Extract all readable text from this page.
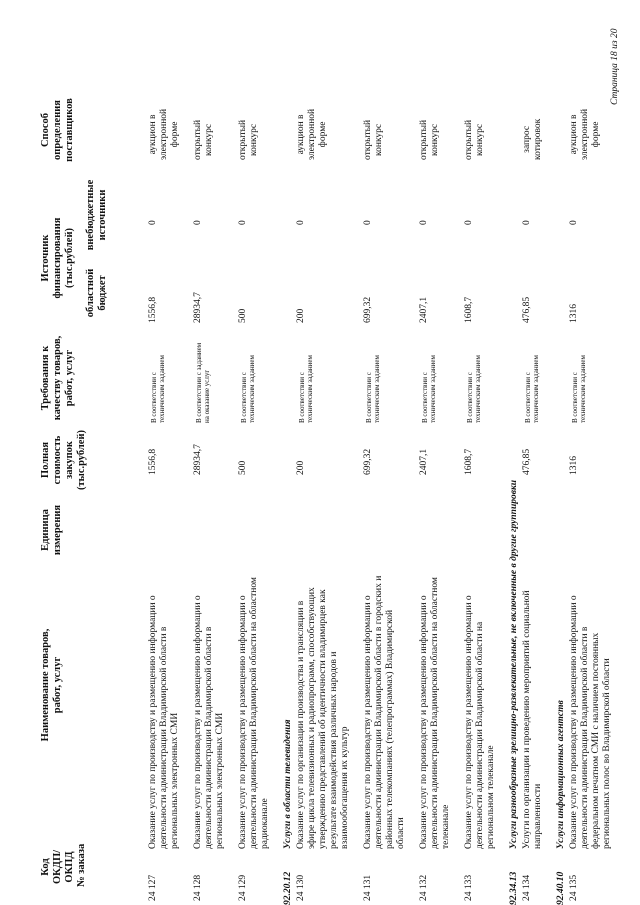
Код ОКДП/ ОКПД № заказа
Наименование товаров, работ, услуг
Единица измерения
Полная стоимость закупок (тыс.рублей)
Требования к качеству товаров, работ, услуг
Источник финансирования (тыс.рублей)
областной бюджет
внебюджетные источники
Способ определения поставщиков
24 127
Оказание услуг по производству и размещению информации о деятельности администрации Владимирской области в региональных электронных СМИ
1556,8
В соответствии с техническим заданием
1556,8
0
аукцион в электронной форме
24 128
Оказание услуг по производству и размещению информации о деятельности администрации Владимирской области в региональных электронных СМИ
28934,7
В соответствии с заданием на оказание услуг
28934,7
0
открытый конкурс
24 129
Оказание услуг по производству и размещению информации о деятельности администрации Владимирской области на областном радиоканале
500
В соответствии с техническим заданием
500
0
открытый конкурс
92.20.12
Услуги в области телевидения
24 130
Оказание услуг по организации производства и трансляции в эфире цикла телевизионных и радиопрограмм, способствующих утверждению представлений об идентичности владимирцев как результате взаимодействия различных народов и взаимообогащения их культур
200
В соответствии с техническим заданием
200
0
аукцион в электронной форме
24 131
Оказание услуг по производству и размещению информации о деятельности администрации Владимирской области в городских и районных телекомпаниях (телепрограммах) Владимирской области
699,32
В соответствии с техническим заданием
699,32
0
открытый конкурс
24 132
Оказание услуг по производству и размещению информации о деятельности администрации Владимирской области на областном телеканале
2407,1
В соответствии с техническим заданием
2407,1
0
открытый конкурс
24 133
Оказание услуг по производству и размещению информации о деятельности администрации Владимирской области на региональном телеканале
1608,7
В соответствии с техническим заданием
1608,7
0
открытый конкурс
92.34.13
Услуги разнообразные зрелищно-развлекательные, не включенные в другие группировки
24 134
Услуги по организации и проведению мероприятий социальной направленности
476,85
В соответствии с техническим заданием
476,85
0
запрос котировок
92.40.10
Услуги информационных агентств
24 135
Оказание услуг по производству и размещению информации о деятельности администрации Владимирской области в федеральном печатном СМИ с наличием постоянных региональных полос во Владимирской области
1316
В соответствии с техническим заданием
1316
0
аукцион в электронной форме
Страница 18 из 20
